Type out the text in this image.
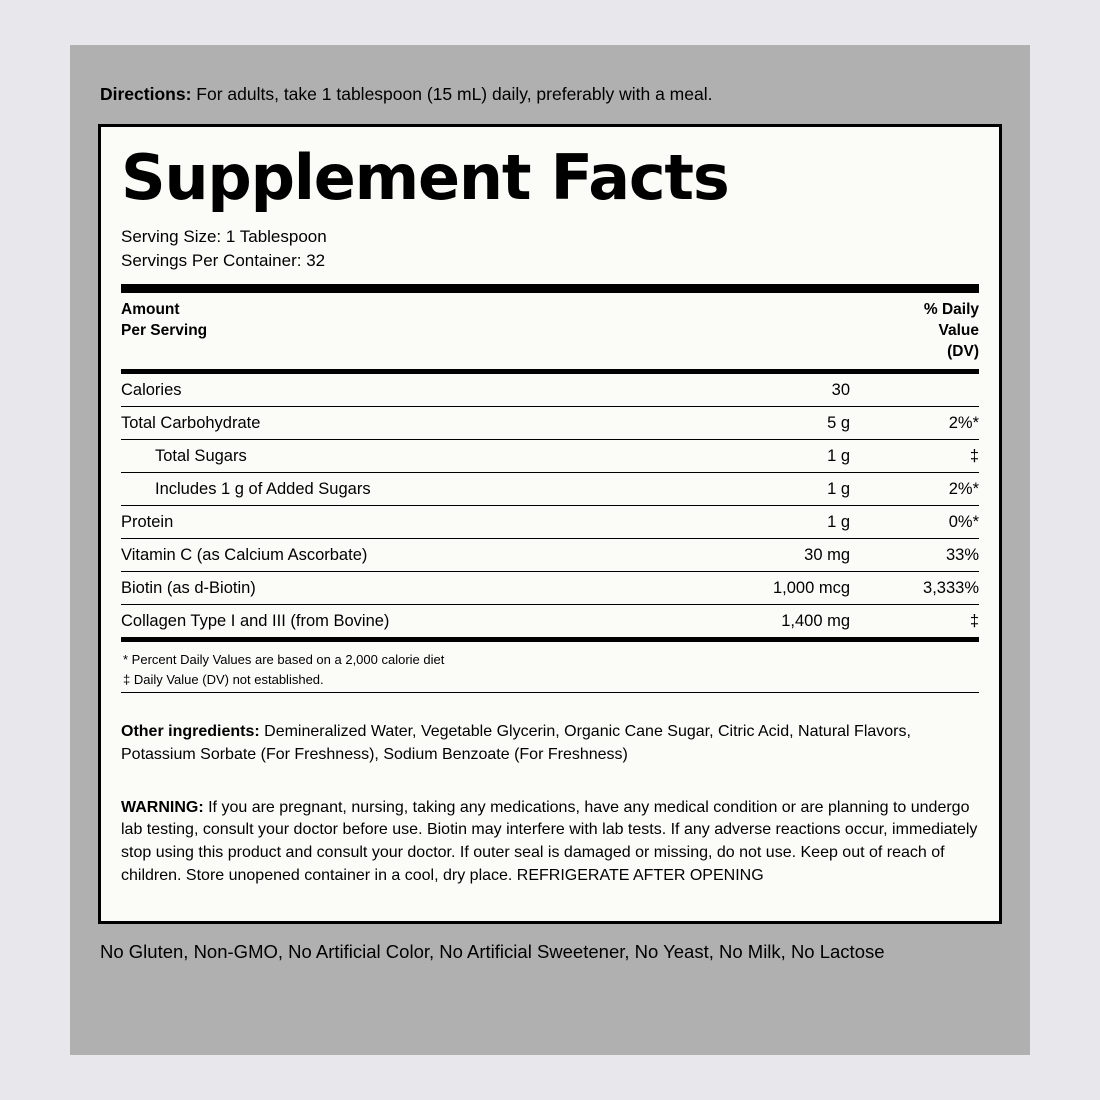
Directions: For adults, take 1 tablespoon (15 mL) daily, preferably with a meal.

Supplement Facts
Serving Size: 1 Tablespoon
Servings Per Container: 32
Amount
Per Serving		% Daily
Value
(DV)
Calories	30	
Total Carbohydrate	5 g	2%*
Total Sugars	1 g	‡
Includes 1 g of Added Sugars	1 g	2%*
Protein	1 g	0%*
Vitamin C (as Calcium Ascorbate)	30 mg	33%
Biotin (as d-Biotin)	1,000 mcg	3,333%
Collagen Type I and III (from Bovine)	1,400 mg	‡
* Percent Daily Values are based on a 2,000 calorie diet
‡ Daily Value (DV) not established.

Other ingredients: Demineralized Water, Vegetable Glycerin, Organic Cane Sugar, Citric Acid, Natural Flavors, Potassium Sorbate (For Freshness), Sodium Benzoate (For Freshness)

WARNING: If you are pregnant, nursing, taking any medications, have any medical condition or are planning to undergo lab testing, consult your doctor before use. Biotin may interfere with lab tests. If any adverse reactions occur, immediately stop using this product and consult your doctor. If outer seal is damaged or missing, do not use. Keep out of reach of children. Store unopened container in a cool, dry place. REFRIGERATE AFTER OPENING

No Gluten, Non-GMO, No Artificial Color, No Artificial Sweetener, No Yeast, No Milk, No Lactose
